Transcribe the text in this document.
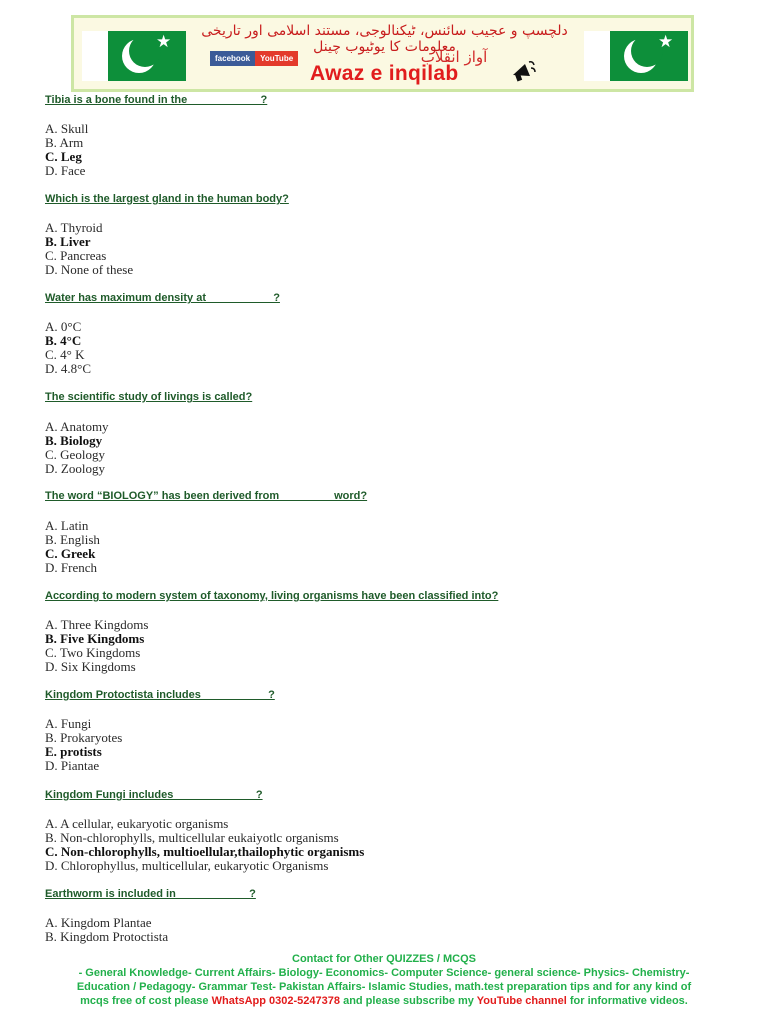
★
دلچسپ و عجیب سائنس، ٹیکنالوجی، مستند اسلامی اور تاریخی معلومات کا یوٹیوب چینل
facebook	YouTube	آواز انقلاب
Awaz e inqilab
★

Tibia is a bone found in the                        ?

A. Skull
B. Arm
C. Leg
D. Face

Which is the largest gland in the human body?

A. Thyroid
B. Liver
C. Pancreas
D. None of these

Water has maximum density at                      ?

A. 0°C
B. 4°C
C. 4° K
D. 4.8°C

The scientific study of livings is called?

A. Anatomy
B. Biology
C. Geology
D. Zoology

The word “BIOLOGY” has been derived from                  word?

A. Latin
B. English
C. Greek
D. French

According to modern system of taxonomy, living organisms have been classified into?

A. Three Kingdoms
B. Five Kingdoms
C. Two Kingdoms
D. Six Kingdoms

Kingdom Protoctista includes                      ?

A. Fungi
B. Prokaryotes
E. protists
D. Piantae

Kingdom Fungi includes                           ?

A. A cellular, eukaryotic organisms
B. Non-chlorophylls, multicellular eukaiyotlc organisms
C. Non-chlorophylls, multioellular,thailophytic organisms
D. Chlorophyllus, multicellular, eukaryotic Organisms

Earthworm is included in                        ?

A. Kingdom Plantae
B. Kingdom Protoctista
Contact for Other QUIZZES / MCQS
- General Knowledge- Current Affairs- Biology- Economics- Computer Science- general science- Physics- Chemistry-
Education / Pedagogy- Grammar Test- Pakistan Affairs- Islamic Studies, math.test preparation tips and for any kind of
mcqs free of cost please WhatsApp 0302-5247378 and please subscribe my YouTube channel for informative videos.
